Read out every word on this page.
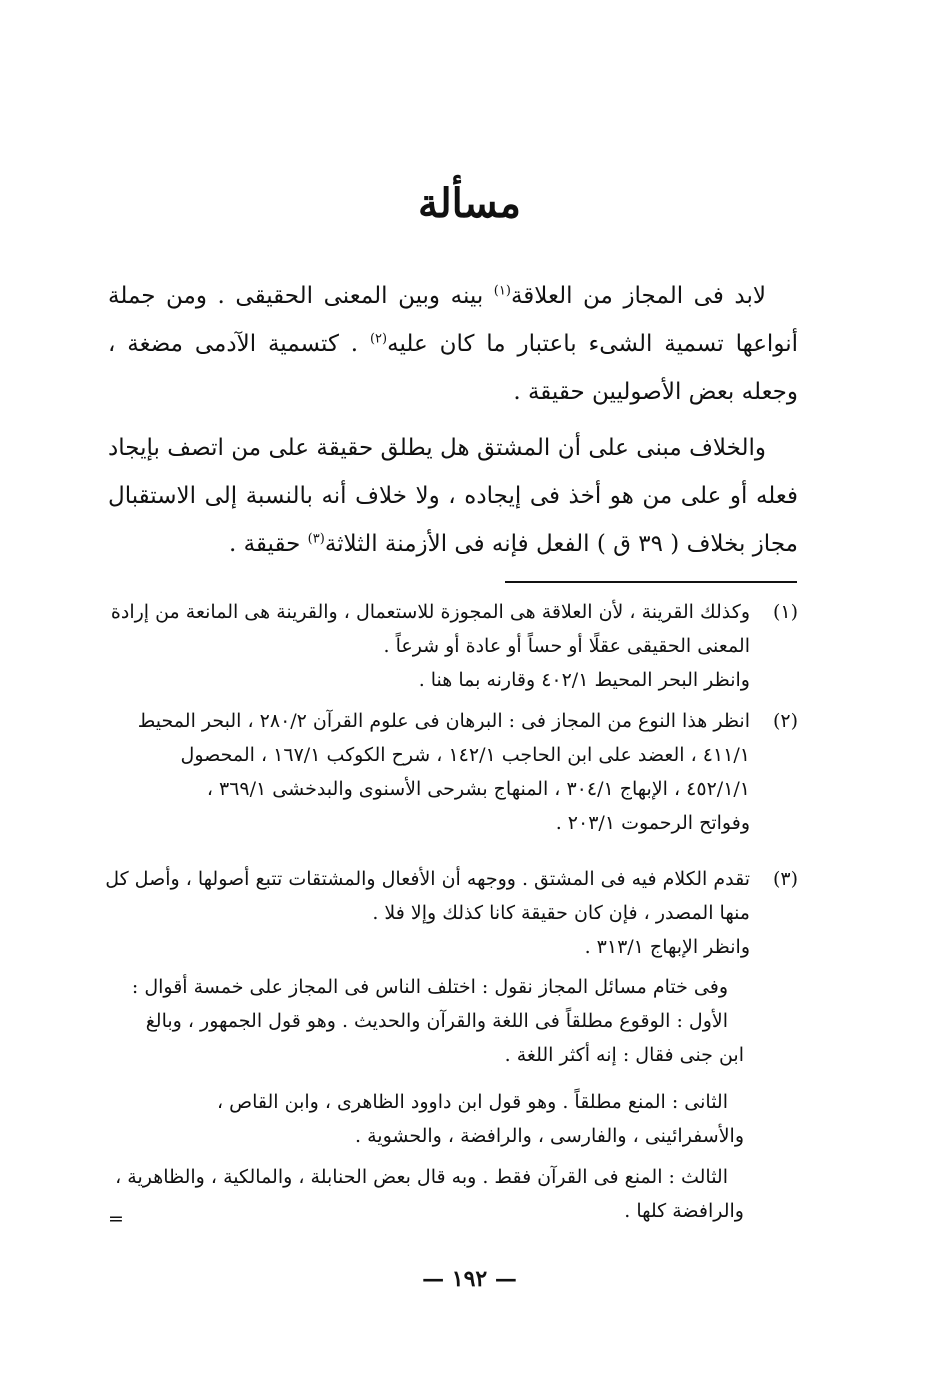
مسألة

لابد فى المجاز من العلاقة$^{(١)}$ بينه وبين المعنى الحقيقى . ومن جملة أنواعها تسمية الشىء باعتبار ما كان عليه$^{(٢)}$ . كتسمية الآدمى مضغة ، وجعله بعض الأصوليين حقيقة .

والخلاف مبنى على أن المشتق هل يطلق حقيقة على من اتصف بإيجاد فعله أو على من هو أخذ فى إيجاده ، ولا خلاف أنه بالنسبة إلى الاستقبال مجاز بخلاف ( ٣٩ ق ) الفعل فإنه فى الأزمنة الثلاثة$^{(٣)}$ حقيقة .

(١)
وكذلك القرينة ، لأن العلاقة هى المجوزة للاستعمال ، والقرينة هى المانعة من إرادة
المعنى الحقيقى عقلًا أو حساً أو عادة أو شرعاً .
وانظر البحر المحيط ٤٠٢/١ وقارنه بما هنا .
(٢)
انظر هذا النوع من المجاز فى : البرهان فى علوم القرآن ٢٨٠/٢ ، البحر المحيط
٤١١/١ ، العضد على ابن الحاجب ١٤٢/١ ، شرح الكوكب ١٦٧/١ ، المحصول
٤٥٢/١/١ ، الإبهاج ٣٠٤/١ ، المنهاج بشرحى الأسنوى والبدخشى ٣٦٩/١ ،
وفواتح الرحموت ٢٠٣/١ .
(٣)
تقدم الكلام فيه فى المشتق . ووجهه أن الأفعال والمشتقات تتبع أصولها ، وأصل كل
منها المصدر ، فإن كان حقيقة كانا كذلك وإلا فلا .
وانظر الإبهاج ٣١٣/١ .
وفى ختام مسائل المجاز نقول : اختلف الناس فى المجاز على خمسة أقوال :
الأول : الوقوع مطلقاً فى اللغة والقرآن والحديث . وهو قول الجمهور ، وبالغ
ابن جنى فقال : إنه أكثر اللغة .
الثانى : المنع مطلقاً . وهو قول ابن داوود الظاهرى ، وابن القاص ،
والأسفرائينى ، والفارسى ، والرافضة ، والحشوية .
الثالث : المنع فى القرآن فقط . وبه قال بعض الحنابلة ، والمالكية ، والظاهرية ،
والرافضة كلها .
=
— ١٩٢ —
